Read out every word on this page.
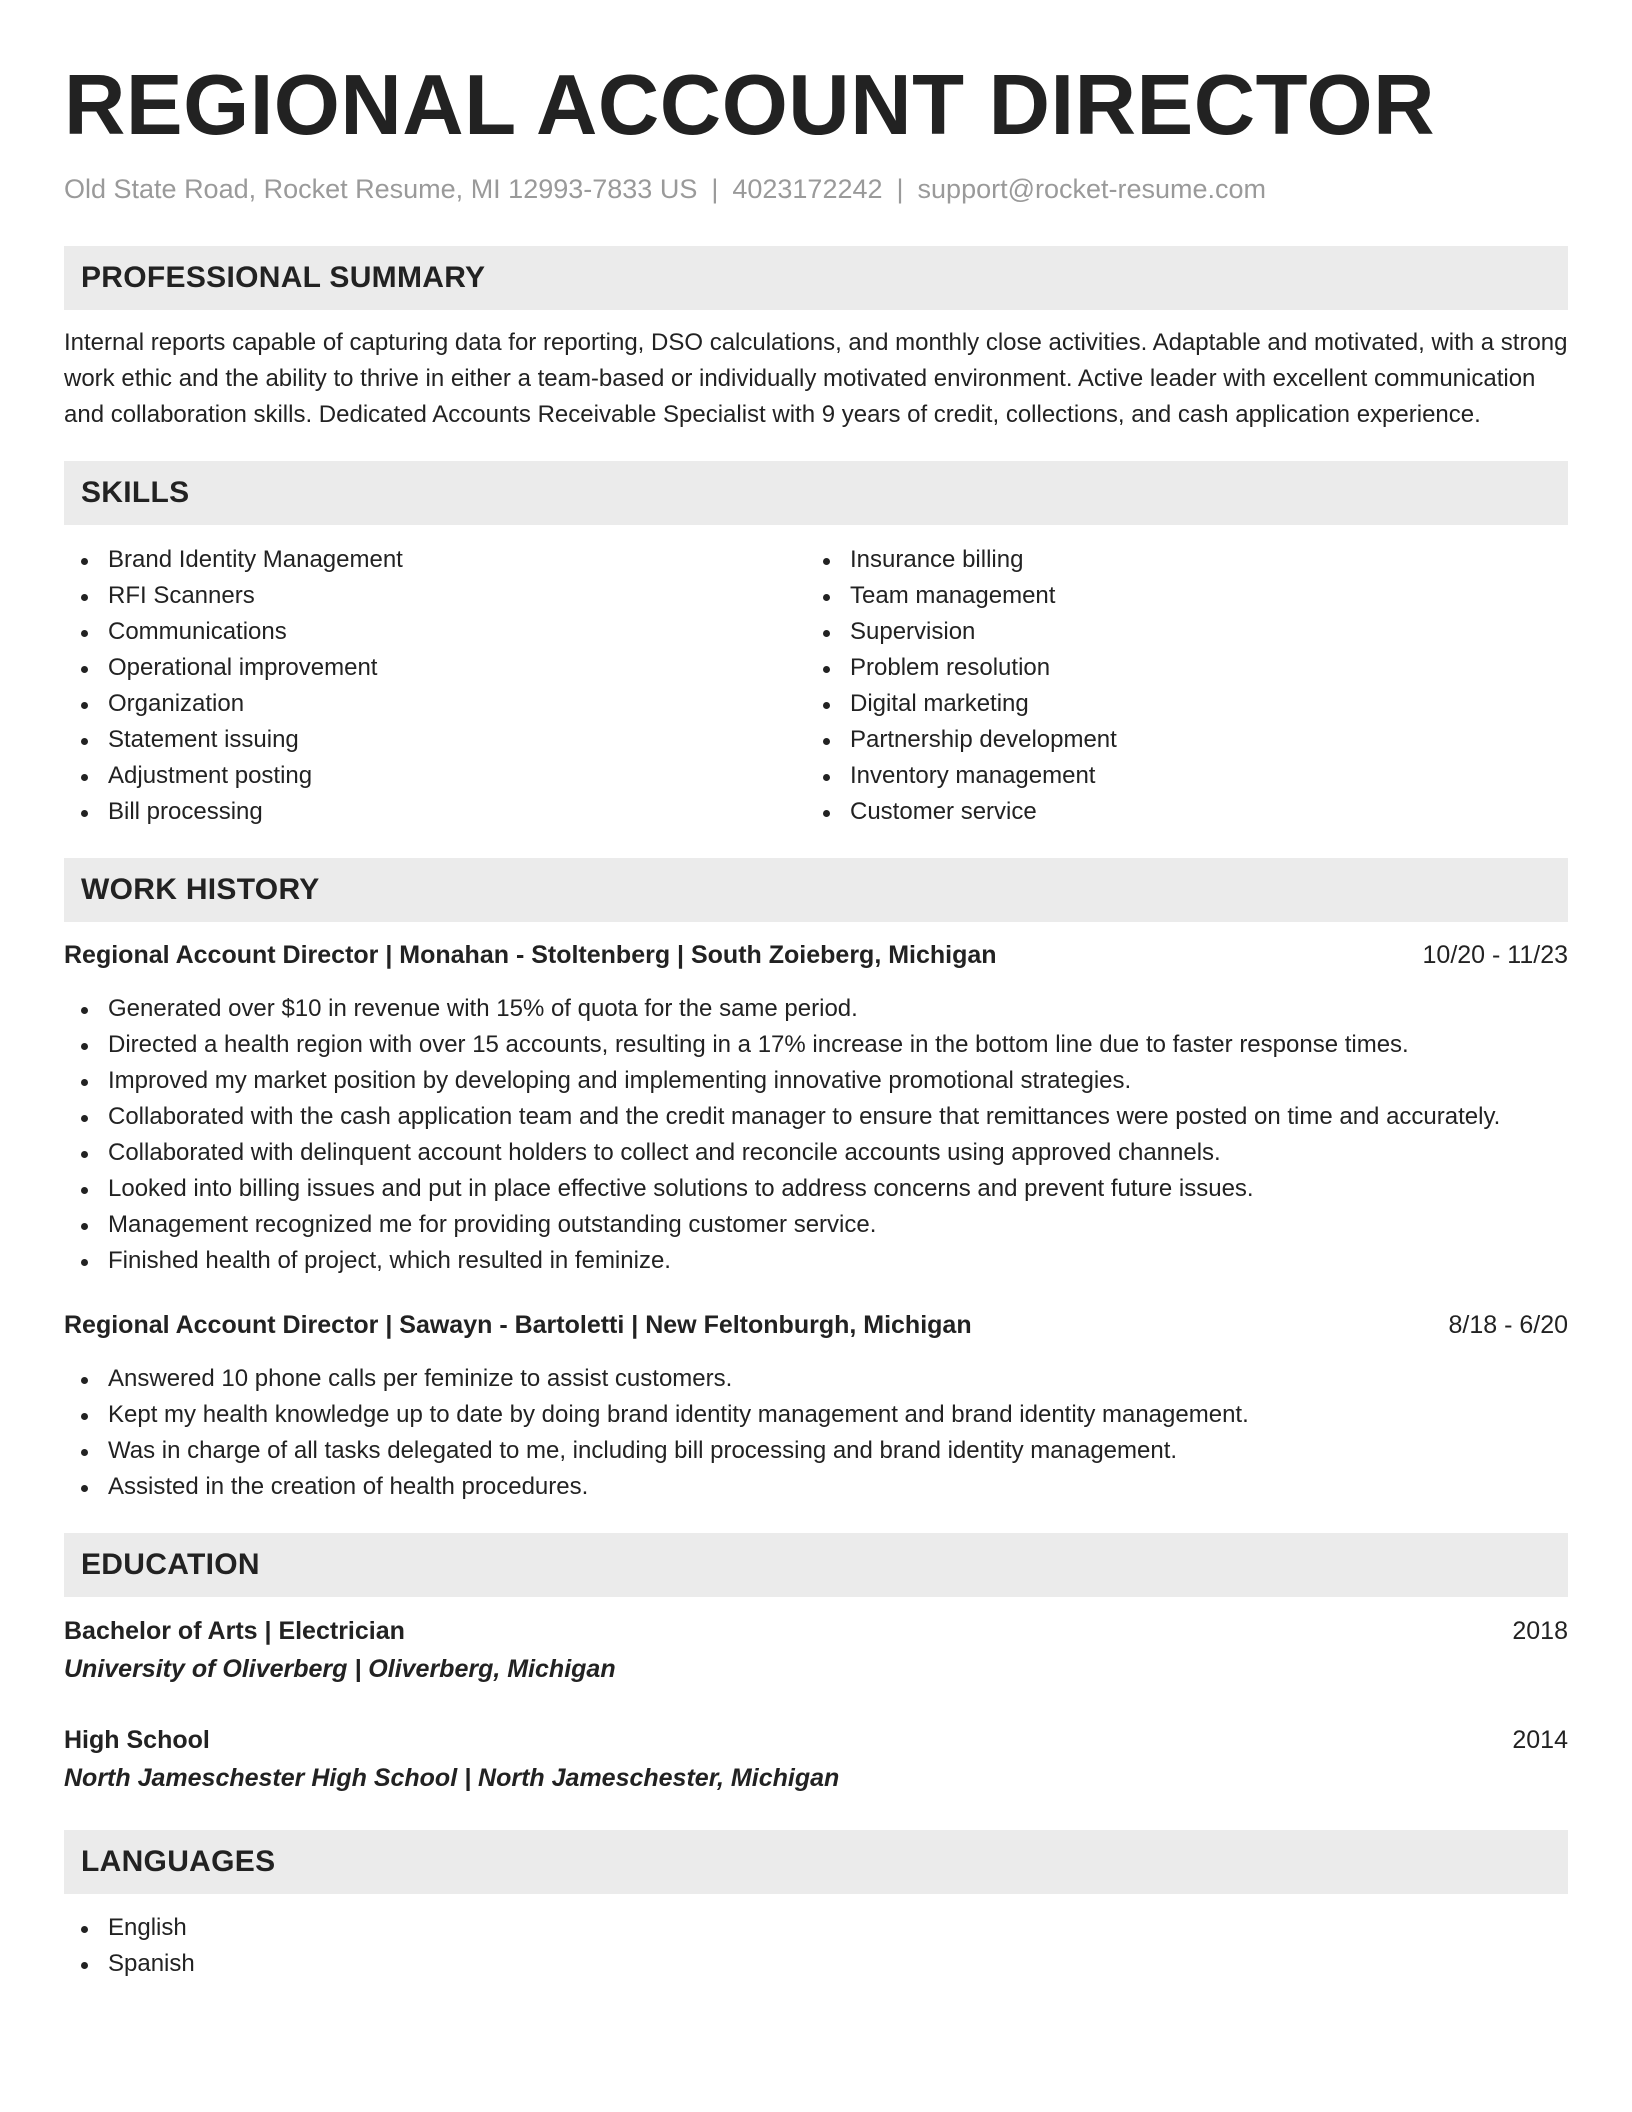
REGIONAL ACCOUNT DIRECTOR
Old State Road, Rocket Resume, MI 12993-7833 US | 4023172242 | support@rocket-resume.com
PROFESSIONAL SUMMARY

Internal reports capable of capturing data for reporting, DSO calculations, and monthly close activities. Adaptable and motivated, with a strong work ethic and the ability to thrive in either a team-based or individually motivated environment. Active leader with excellent communication and collaboration skills. Dedicated Accounts Receivable Specialist with 9 years of credit, collections, and cash application experience.

SKILLS
Brand Identity Management
RFI Scanners
Communications
Operational improvement
Organization
Statement issuing
Adjustment posting
Bill processing
Insurance billing
Team management
Supervision
Problem resolution
Digital marketing
Partnership development
Inventory management
Customer service
WORK HISTORY
Regional Account Director | Monahan - Stoltenberg | South Zoieberg, Michigan	10/20 - 11/23
Generated over $10 in revenue with 15% of quota for the same period.
Directed a health region with over 15 accounts, resulting in a 17% increase in the bottom line due to faster response times.
Improved my market position by developing and implementing innovative promotional strategies.
Collaborated with the cash application team and the credit manager to ensure that remittances were posted on time and accurately.
Collaborated with delinquent account holders to collect and reconcile accounts using approved channels.
Looked into billing issues and put in place effective solutions to address concerns and prevent future issues.
Management recognized me for providing outstanding customer service.
Finished health of project, which resulted in feminize.
Regional Account Director | Sawayn - Bartoletti | New Feltonburgh, Michigan	8/18 - 6/20
Answered 10 phone calls per feminize to assist customers.
Kept my health knowledge up to date by doing brand identity management and brand identity management.
Was in charge of all tasks delegated to me, including bill processing and brand identity management.
Assisted in the creation of health procedures.
EDUCATION
Bachelor of Arts | Electrician	2018
University of Oliverberg | Oliverberg, Michigan
High School	2014
North Jameschester High School | North Jameschester, Michigan
LANGUAGES
English
Spanish
